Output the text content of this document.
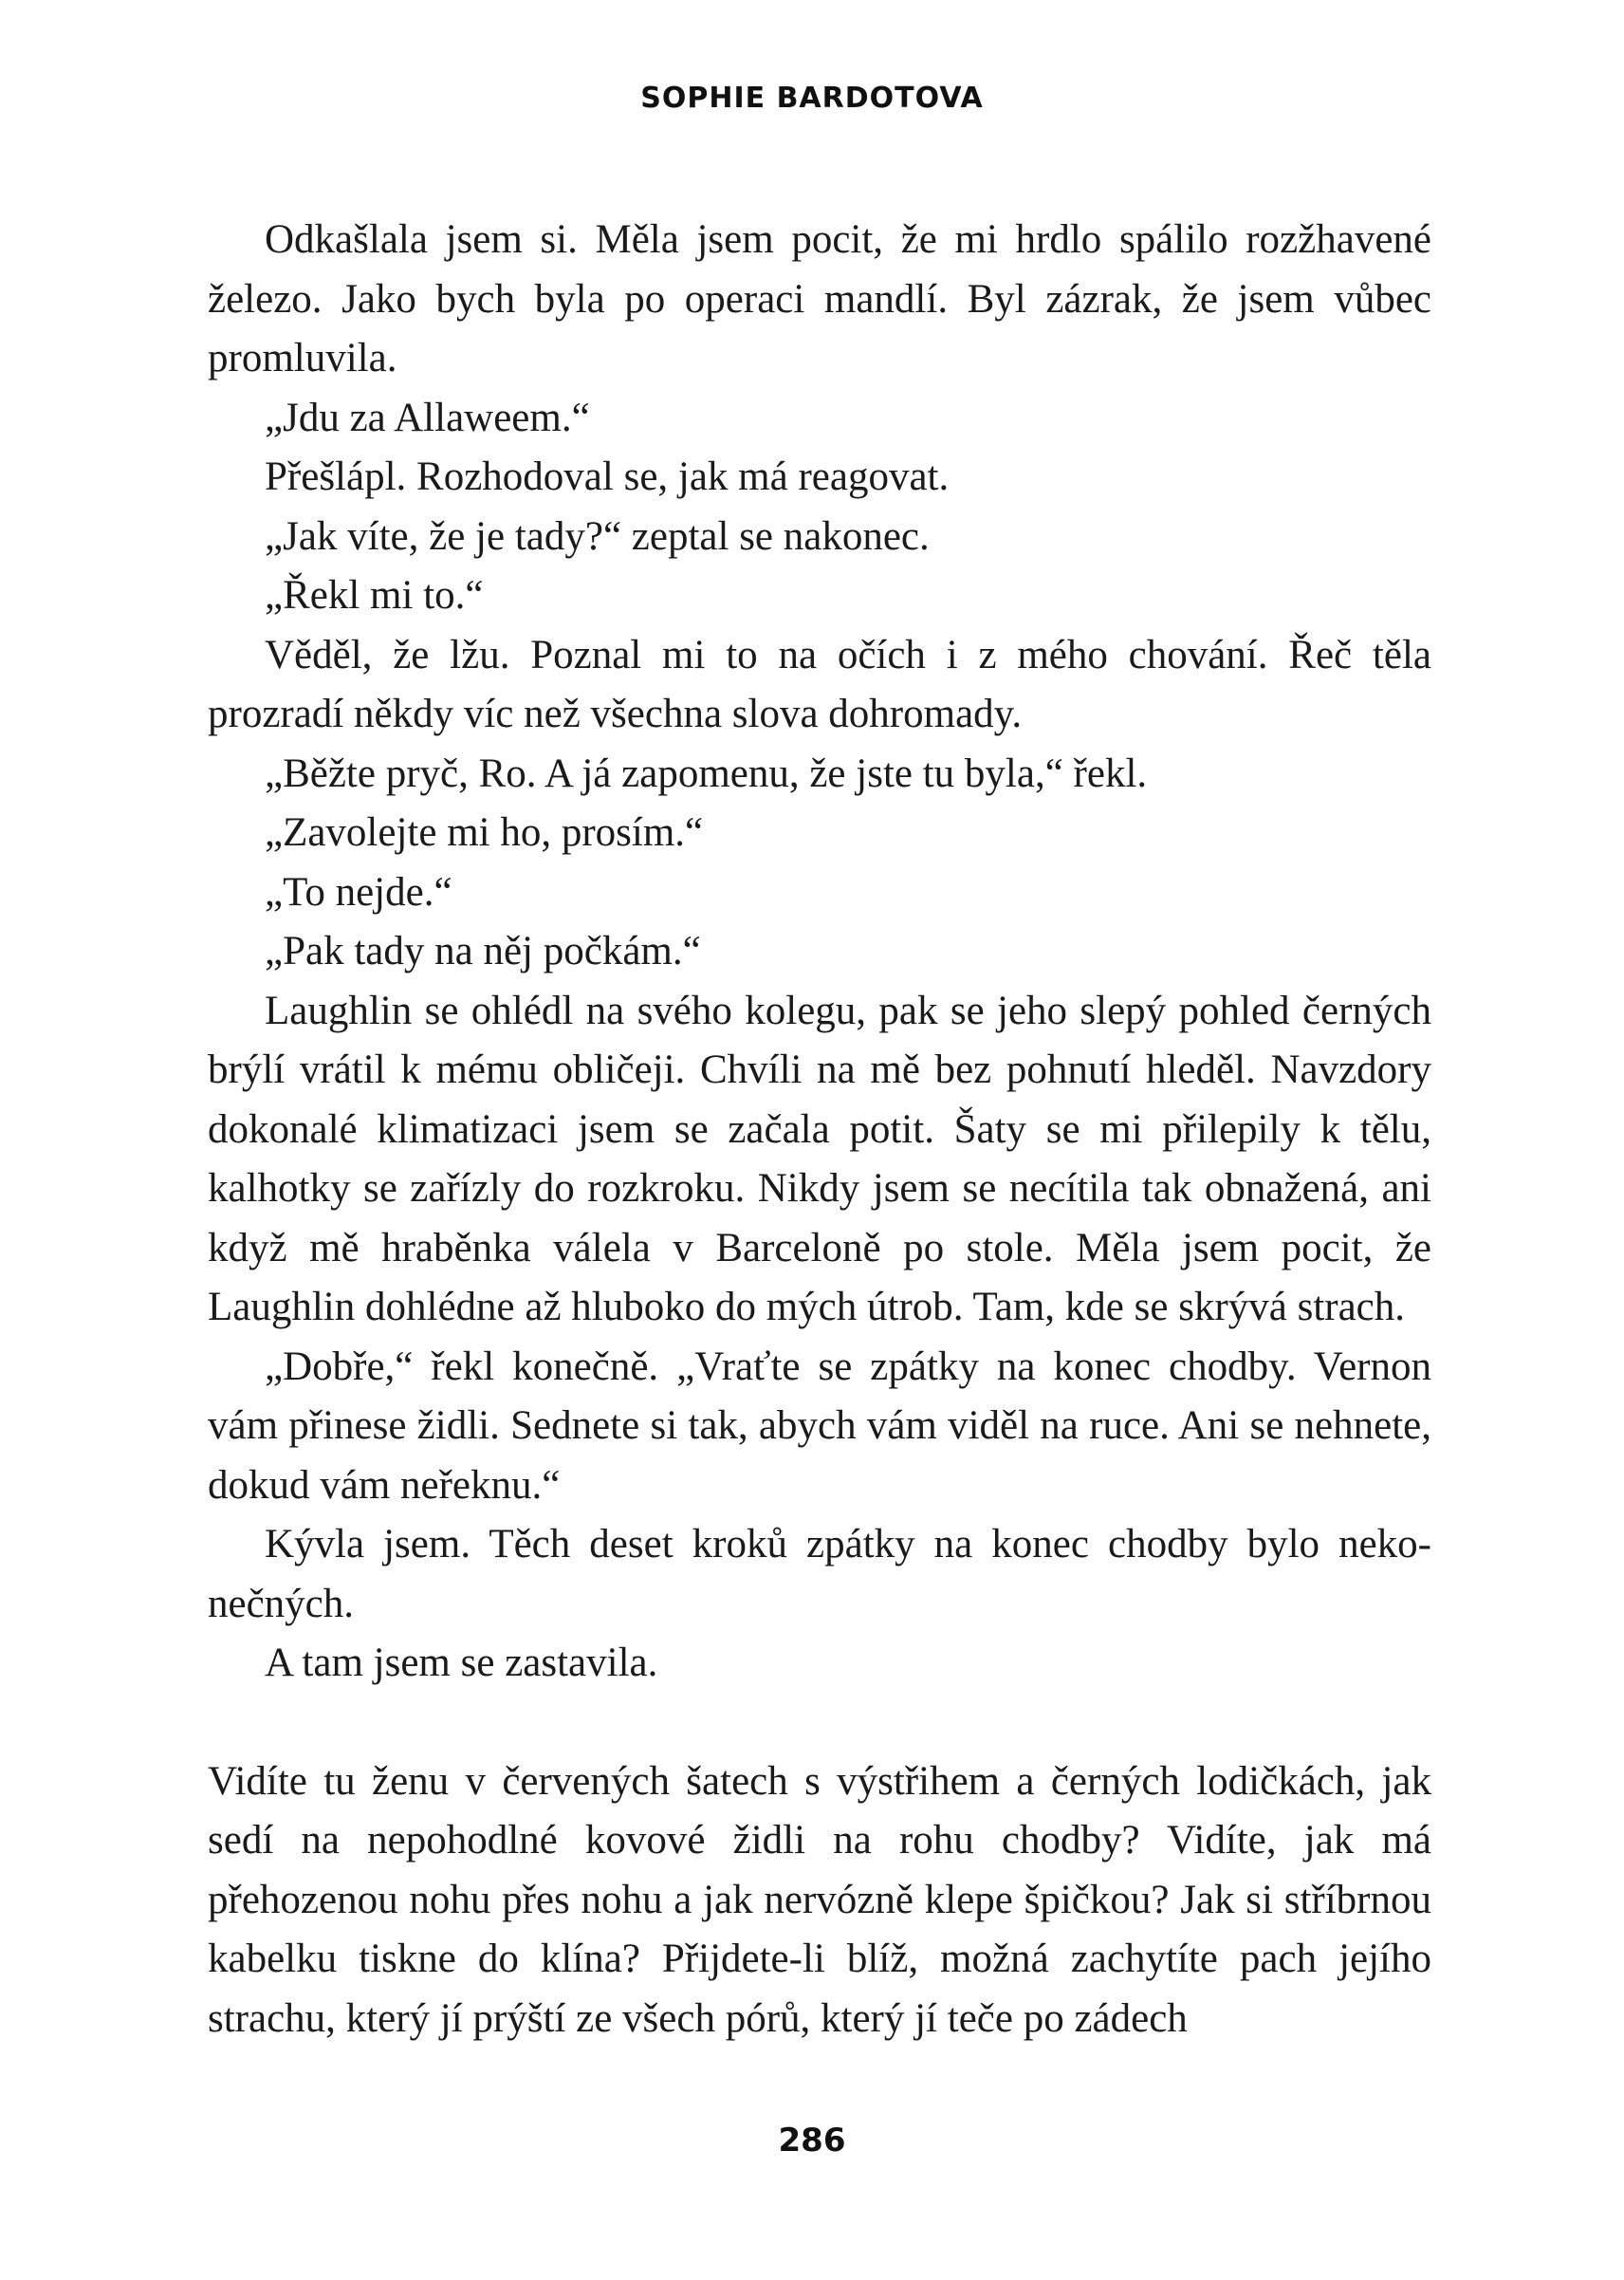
SOPHIE BARDOTOVA

Odkašlala jsem si. Měla jsem pocit, že mi hrdlo spálilo rozžhavené železo. Jako bych byla po operaci mandlí. Byl zázrak, že jsem vůbec promluvila.

„Jdu za Allaweem.“

Přešlápl. Rozhodoval se, jak má reagovat.

„Jak víte, že je tady?“ zeptal se nakonec.

„Řekl mi to.“

Věděl, že lžu. Poznal mi to na očích i z mého chování. Řeč těla prozradí někdy víc než všechna slova dohromady.

„Běžte pryč, Ro. A já zapomenu, že jste tu byla,“ řekl.

„Zavolejte mi ho, prosím.“

„To nejde.“

„Pak tady na něj počkám.“

Laughlin se ohlédl na svého kolegu, pak se jeho slepý pohled černých brýlí vrátil k mému obličeji. Chvíli na mě bez pohnutí hleděl. Navzdory dokonalé klimatizaci jsem se začala potit. Šaty se mi přilepily k tělu, kalhotky se zařízly do rozkroku. Nikdy jsem se necítila tak obnažená, ani když mě hraběnka válela v Barceloně po stole. Měla jsem pocit, že Laughlin dohlédne až hluboko do mých útrob. Tam, kde se skrývá strach.

„Dobře,“ řekl konečně. „Vraťte se zpátky na konec chodby. Vernon vám přinese židli. Sednete si tak, abych vám viděl na ruce. Ani se nehnete, dokud vám neřeknu.“

Kývla jsem. Těch deset kroků zpátky na konec chodby bylo nekonečných.

A tam jsem se zastavila.

Vidíte tu ženu v červených šatech s výstřihem a černých lodičkách, jak sedí na nepohodlné kovové židli na rohu chodby? Vidíte, jak má přehozenou nohu přes nohu a jak nervózně klepe špičkou? Jak si stříbrnou kabelku tiskne do klína? Přijdete-li blíž, možná zachytíte pach jejího strachu, který jí prýští ze všech pórů, který jí teče po zádech

286
